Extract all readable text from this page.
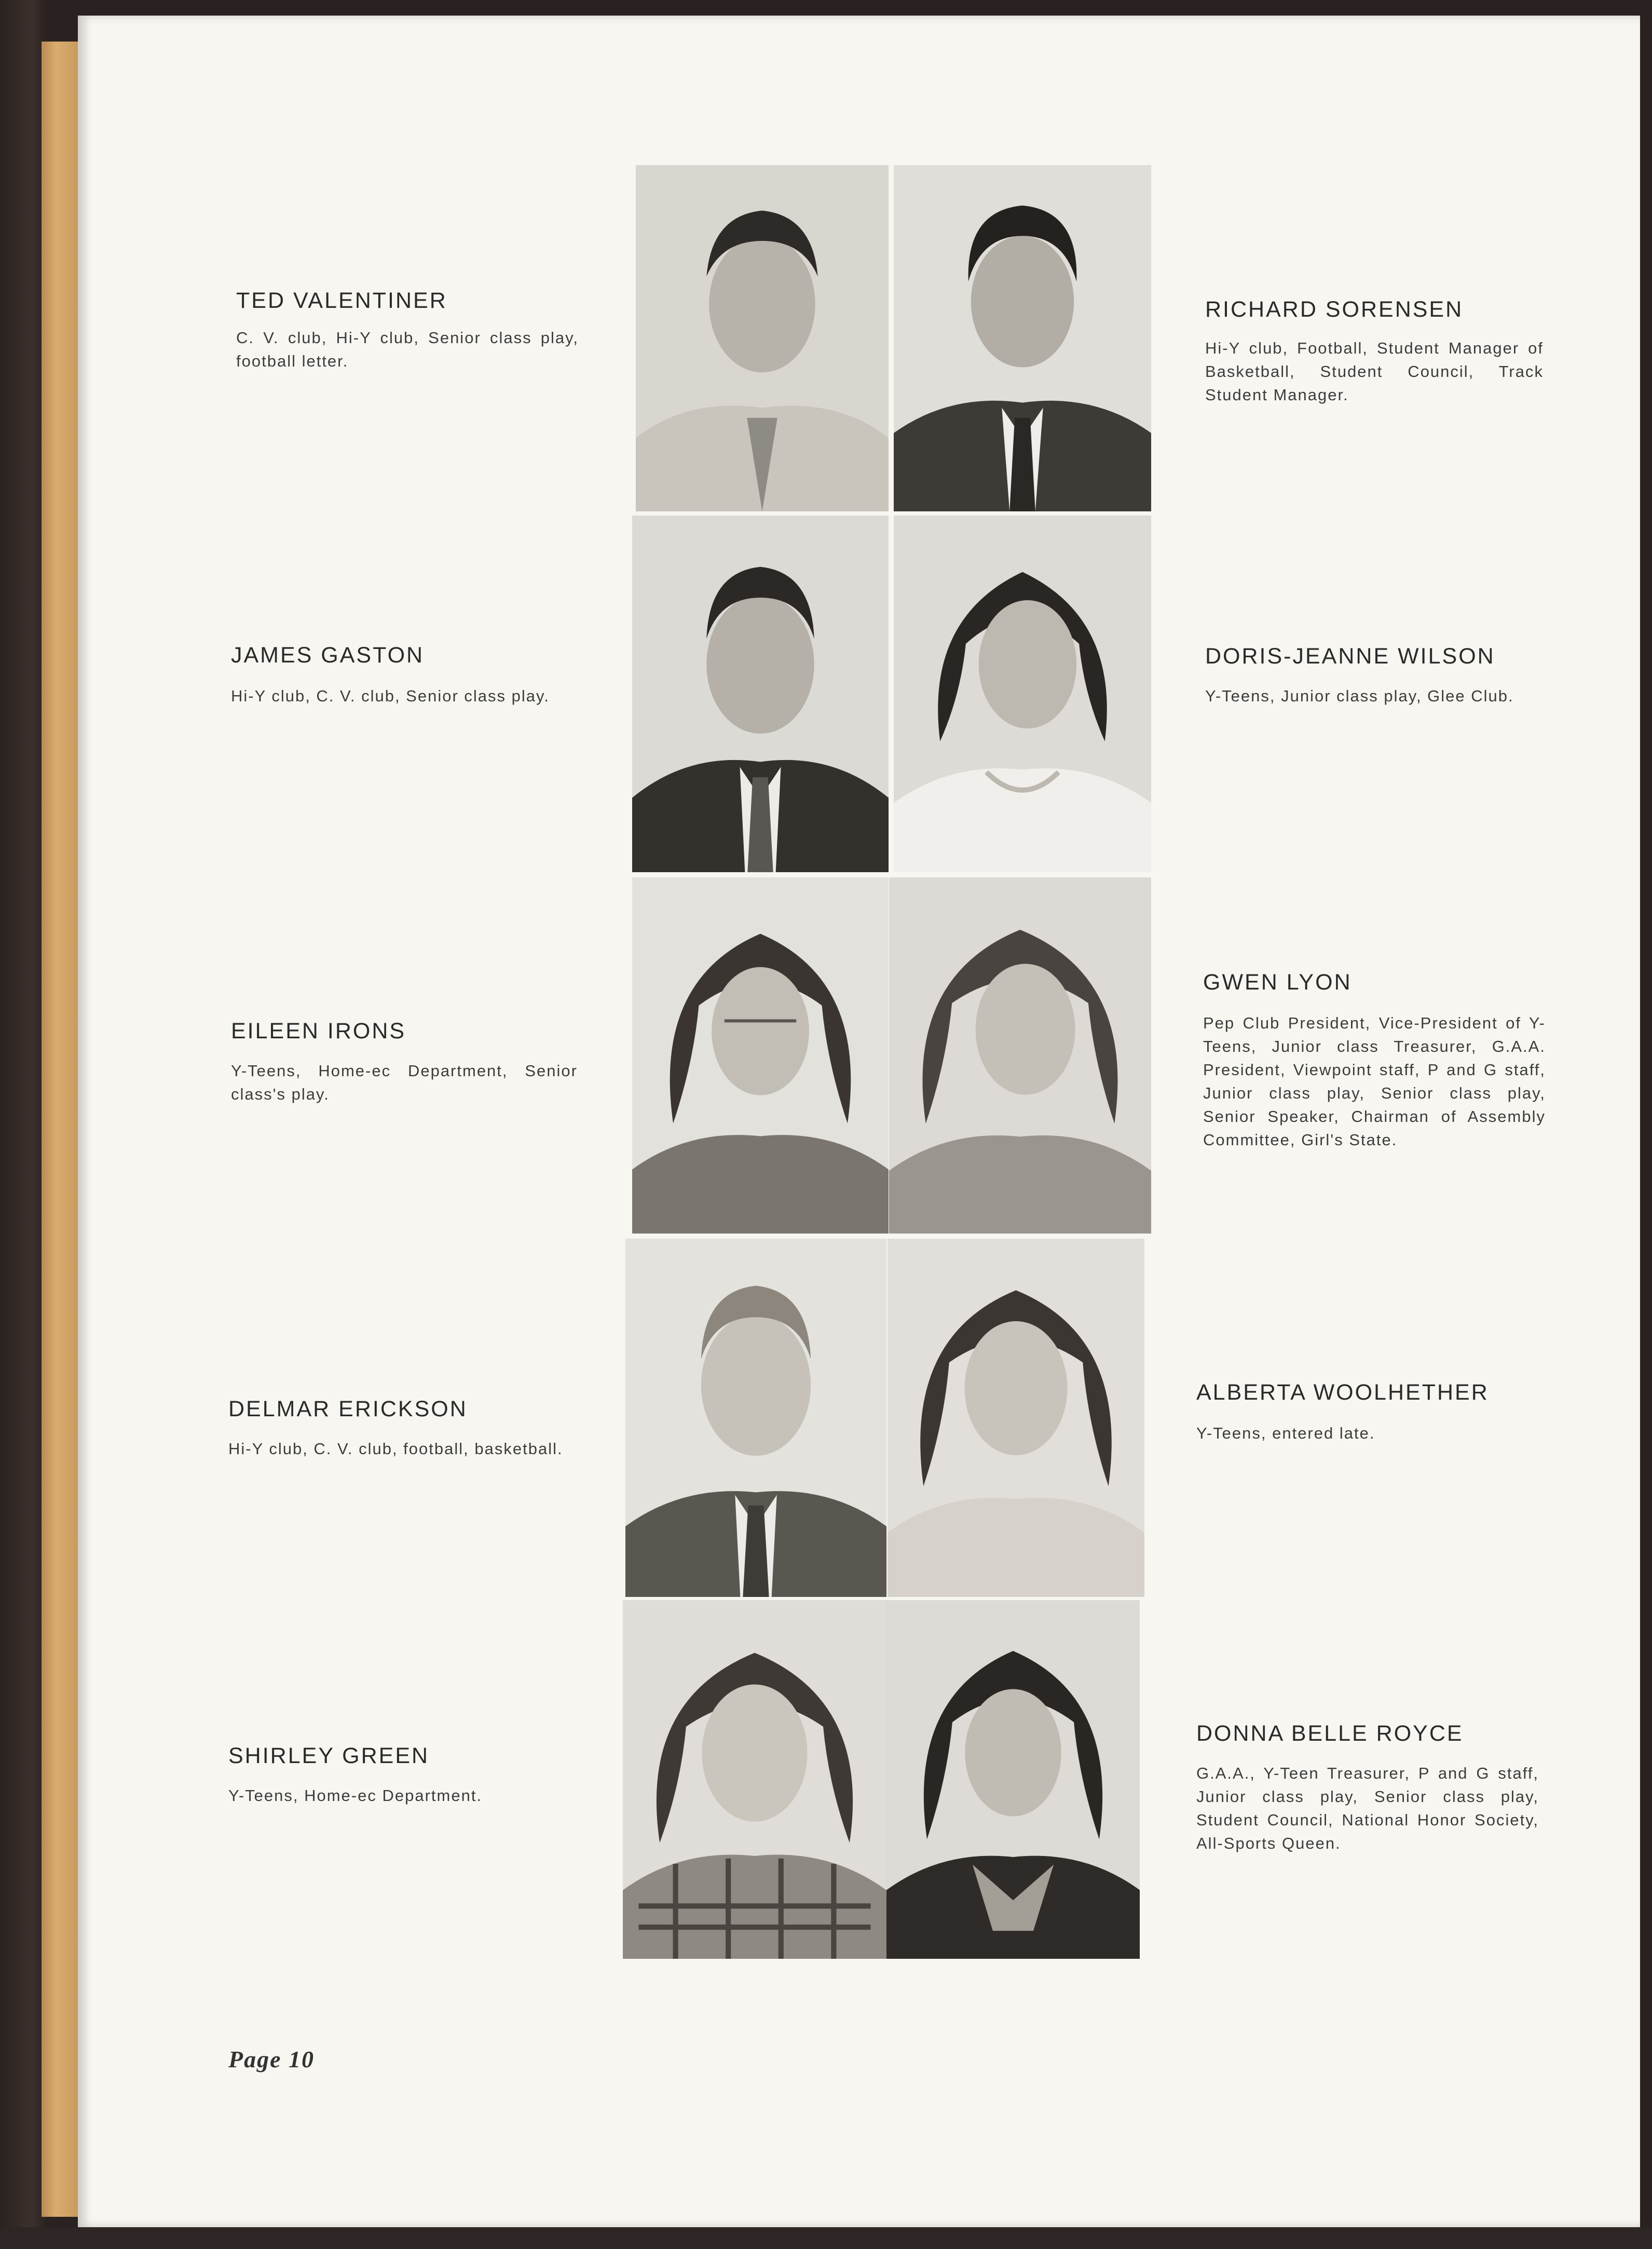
TED VALENTINER
C. V. club, Hi-Y club, Senior class play, football letter.
RICHARD SORENSEN
Hi-Y club, Football, Student Manager of Basketball, Student Council, Track Student Manager.
JAMES GASTON
Hi-Y club, C. V. club, Senior class play.
DORIS-JEANNE WILSON
Y-Teens, Junior class play, Glee Club.
EILEEN IRONS
Y-Teens, Home-ec Department, Senior class's play.
GWEN LYON
Pep Club President, Vice-President of Y-Teens, Junior class Treasurer, G.A.A. President, Viewpoint staff, P and G staff, Junior class play, Senior class play, Senior Speaker, Chairman of Assembly Committee, Girl's State.
DELMAR ERICKSON
Hi-Y club, C. V. club, football, basketball.
ALBERTA WOOLHETHER
Y-Teens, entered late.
SHIRLEY GREEN
Y-Teens, Home-ec Department.
DONNA BELLE ROYCE
G.A.A., Y-Teen Treasurer, P and G staff, Junior class play, Senior class play, Student Council, National Honor Society, All-Sports Queen.
Page 10
